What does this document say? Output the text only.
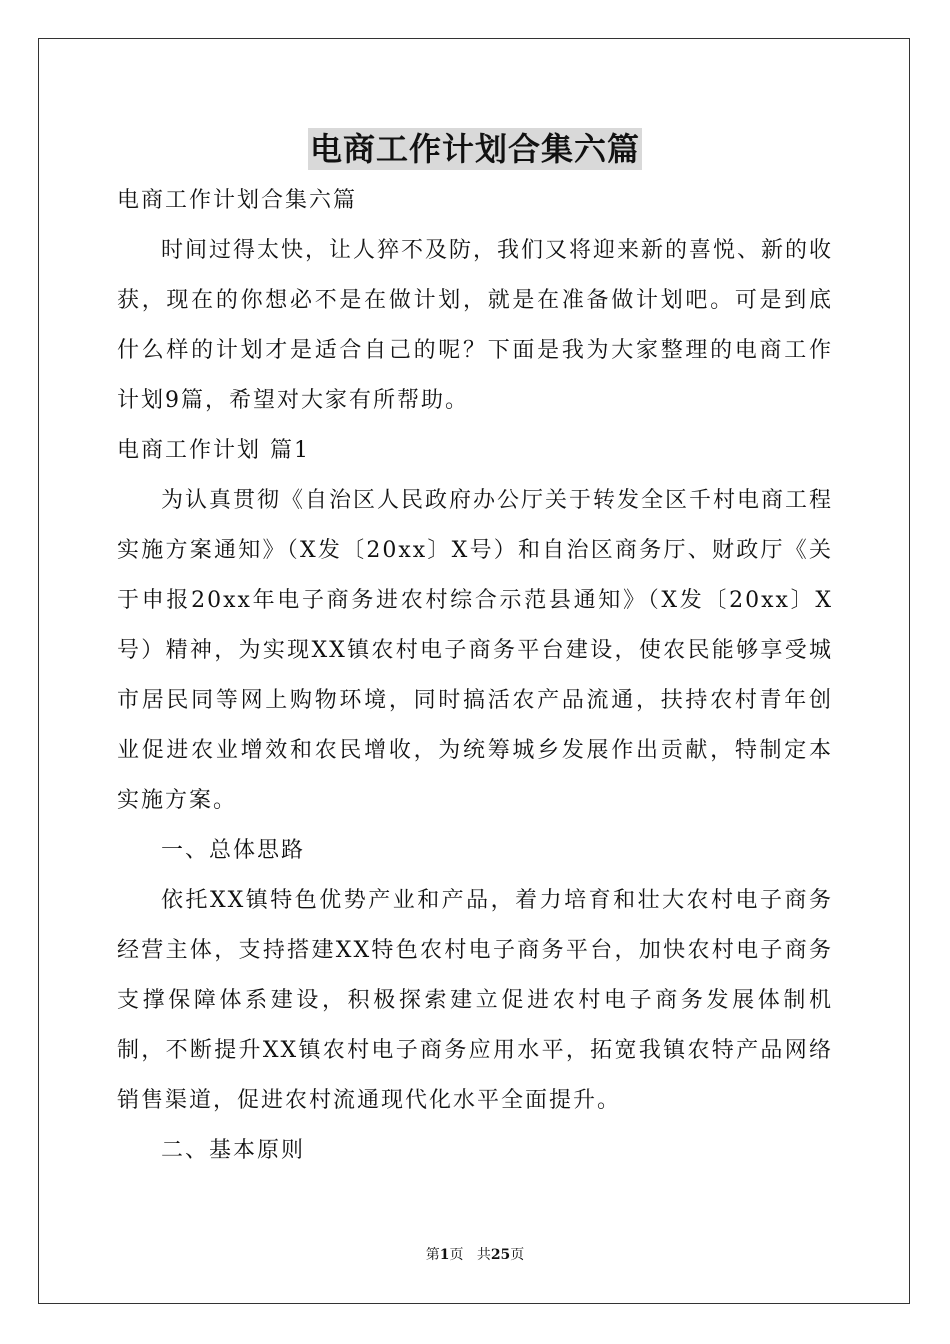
电商工作计划合集六篇

电商工作计划合集六篇

时间过得太快，让人猝不及防，我们又将迎来新的喜悦、新的收获，现在的你想必不是在做计划，就是在准备做计划吧。可是到底什么样的计划才是适合自己的呢？下面是我为大家整理的电商工作计划9篇，希望对大家有所帮助。

电商工作计划 篇1

为认真贯彻《自治区人民政府办公厅关于转发全区千村电商工程实施方案通知》（X发〔20xx〕X号）和自治区商务厅、财政厅《关于申报20xx年电子商务进农村综合示范县通知》（X发〔20xx〕X号）精神，为实现XX镇农村电子商务平台建设，使农民能够享受城市居民同等网上购物环境，同时搞活农产品流通，扶持农村青年创业促进农业增效和农民增收，为统筹城乡发展作出贡献，特制定本实施方案。

一、总体思路

依托XX镇特色优势产业和产品，着力培育和壮大农村电子商务经营主体，支持搭建XX特色农村电子商务平台，加快农村电子商务支撑保障体系建设，积极探索建立促进农村电子商务发展体制机制，不断提升XX镇农村电子商务应用水平，拓宽我镇农特产品网络销售渠道，促进农村流通现代化水平全面提升。

二、基本原则

第1页 共25页
